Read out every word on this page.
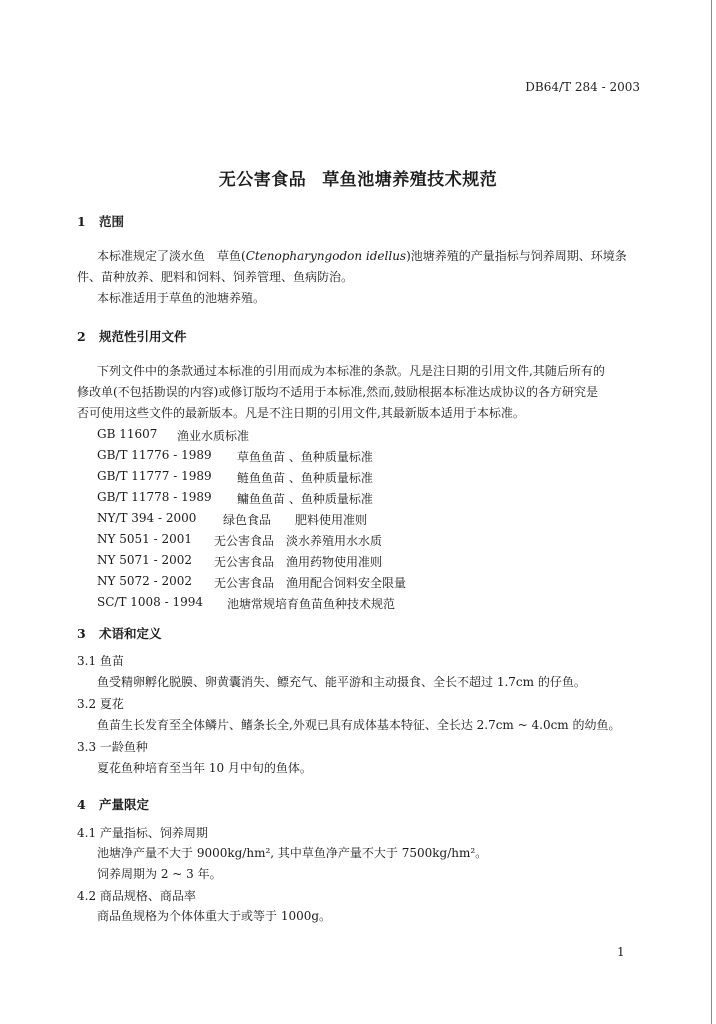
DB64/T 284 - 2003
无公害食品 草鱼池塘养殖技术规范
1 范围
本标准规定了淡水鱼　草鱼(Ctenopharyngodon idellus)池塘养殖的产量指标与饲养周期、环境条
件、苗种放养、肥料和饲料、饲养管理、鱼病防治。
本标准适用于草鱼的池塘养殖。
2 规范性引用文件
下列文件中的条款通过本标准的引用而成为本标准的条款。凡是注日期的引用文件,其随后所有的
修改单(不包括勘误的内容)或修订版均不适用于本标准,然而,鼓励根据本标准达成协议的各方研究是
否可使用这些文件的最新版本。凡是不注日期的引用文件,其最新版本适用于本标准。
GB 11607 渔业水质标准
GB/T 11776 - 1989 草鱼鱼苗 、鱼种质量标准
GB/T 11777 - 1989 鲢鱼鱼苗 、鱼种质量标准
GB/T 11778 - 1989 鳙鱼鱼苗 、鱼种质量标准
NY/T 394 - 2000 绿色食品　　肥料使用准则
NY 5051 - 2001 无公害食品　淡水养殖用水水质
NY 5071 - 2002 无公害食品　渔用药物使用准则
NY 5072 - 2002 无公害食品　渔用配合饲料安全限量
SC/T 1008 - 1994 池塘常规培育鱼苗鱼种技术规范
3 术语和定义
3.1 鱼苗
鱼受精卵孵化脱膜、卵黄囊消失、鳔充气、能平游和主动摄食、全长不超过 1.7cm 的仔鱼。
3.2 夏花
鱼苗生长发育至全体鳞片、鳍条长全,外观已具有成体基本特征、全长达 2.7cm ~ 4.0cm 的幼鱼。
3.3 一龄鱼种
夏花鱼种培育至当年 10 月中旬的鱼体。
4 产量限定
4.1 产量指标、饲养周期
池塘净产量不大于 9000kg/hm², 其中草鱼净产量不大于 7500kg/hm²。
饲养周期为 2 ~ 3 年。
4.2 商品规格、商品率
商品鱼规格为个体体重大于或等于 1000g。
1
